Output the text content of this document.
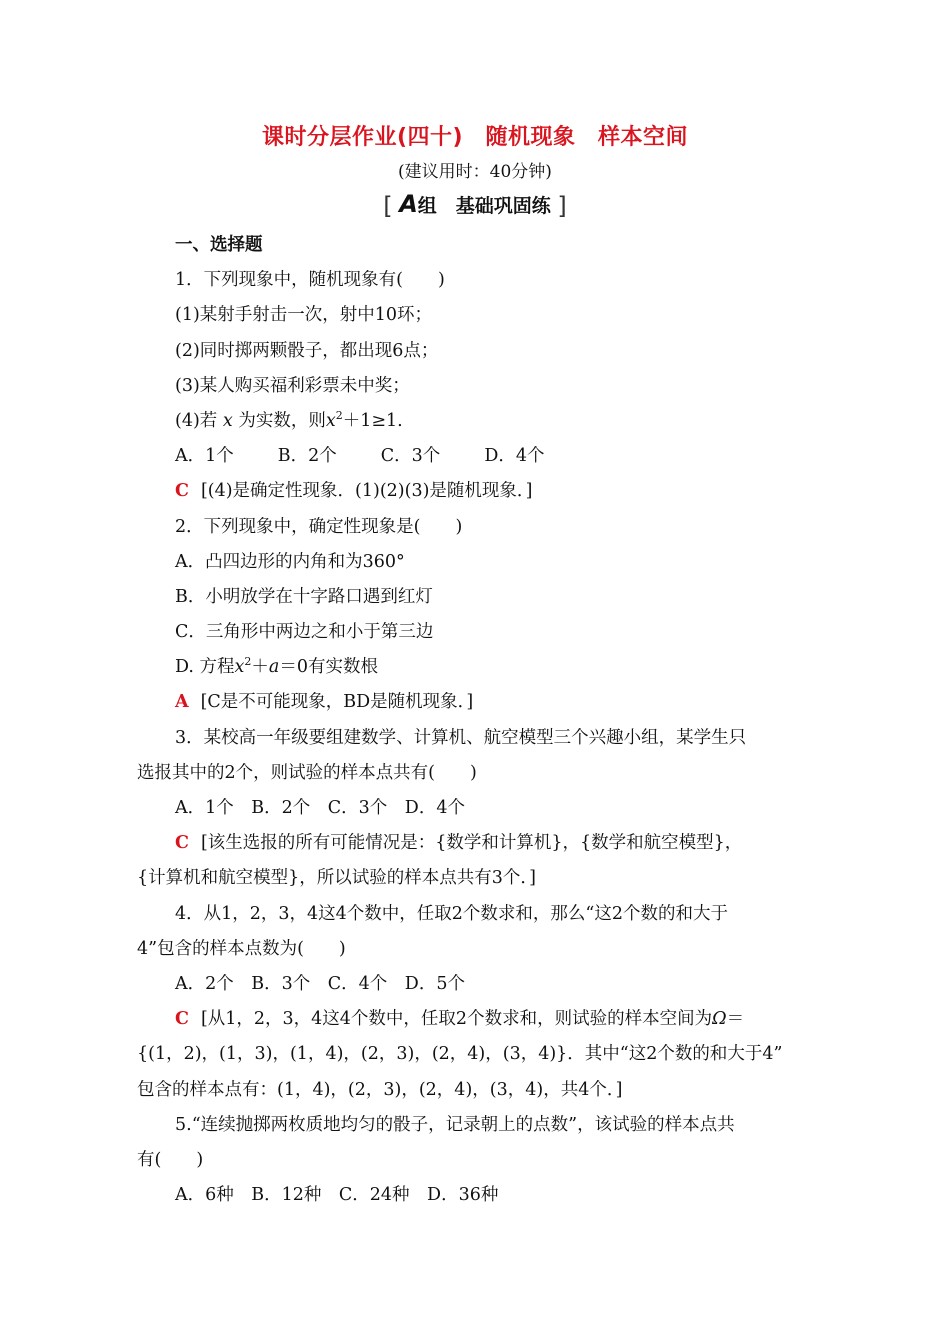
课时分层作业(四十)　随机现象　样本空间
(建议用时：40分钟)
[ A组　基础巩固练 ]
一、选择题
1．下列现象中，随机现象有(　　)
(1)某射手射击一次，射中10环；
(2)同时掷两颗骰子，都出现6点；
(3)某人购买福利彩票未中奖；
(4)若 x 为实数，则$x^2+1\ge 1$.
A．1个	B．2个	C．3个	D．4个
C [(4)是确定性现象．(1)(2)(3)是随机现象．]
2．下列现象中，确定性现象是(　　)
A．凸四边形的内角和为360°
B．小明放学在十字路口遇到红灯
C．三角形中两边之和小于第三边
D. 方程$x^2+a=0$有实数根
A [C是不可能现象，BD是随机现象．]
3．某校高一年级要组建数学、计算机、航空模型三个兴趣小组，某学生只
选报其中的2个，则试验的样本点共有(　　)
A．1个　B．2个　C．3个　D．4个
C [该生选报的所有可能情况是：{数学和计算机}，{数学和航空模型}，
{计算机和航空模型}，所以试验的样本点共有3个．]
4．从1，2，3，4这4个数中，任取2个数求和，那么“这2个数的和大于
4”包含的样本点数为(　　)
A．2个　B．3个　C．4个　D．5个
C [从1，2，3，4这4个数中，任取2个数求和，则试验的样本空间为Ω＝
{(1，2)，(1，3)，(1，4)，(2，3)，(2，4)，(3，4)}．其中“这2个数的和大于4”
包含的样本点有：(1，4)，(2，3)，(2，4)，(3，4)，共4个．]
5.“连续抛掷两枚质地均匀的骰子，记录朝上的点数”，该试验的样本点共
有(　　)
A．6种　B．12种　C．24种　D．36种
